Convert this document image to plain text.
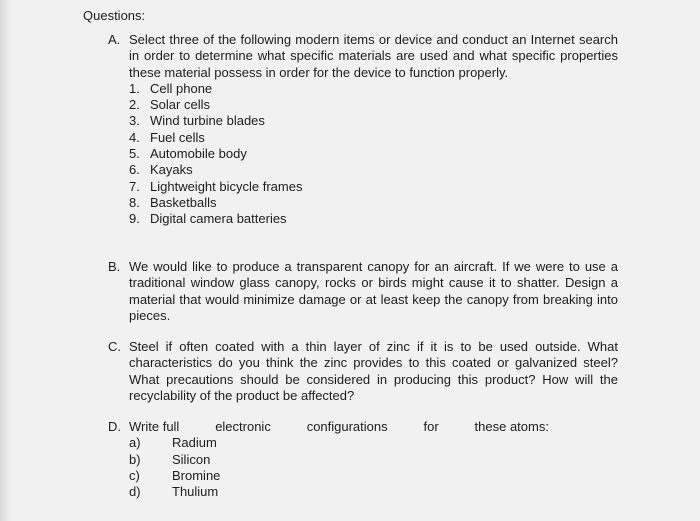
Questions:
A. Select three of the following modern items or device and conduct an Internet search in order to determine what specific materials are used and what specific properties these material possess in order for the device to function properly.
1. Cell phone
2. Solar cells
3. Wind turbine blades
4. Fuel cells
5. Automobile body
6. Kayaks
7. Lightweight bicycle frames
8. Basketballs
9. Digital camera batteries
B. We would like to produce a transparent canopy for an aircraft. If we were to use a traditional window glass canopy, rocks or birds might cause it to shatter. Design a material that would minimize damage or at least keep the canopy from breaking into pieces.
C. Steel if often coated with a thin layer of zinc if it is to be used outside. What characteristics do you think the zinc provides to this coated or galvanized steel? What precautions should be considered in producing this product? How will the recyclability of the product be affected?
D. Write full	electronic	configurations	for	these atoms:
a) Radium
b) Silicon
c) Bromine
d) Thulium
